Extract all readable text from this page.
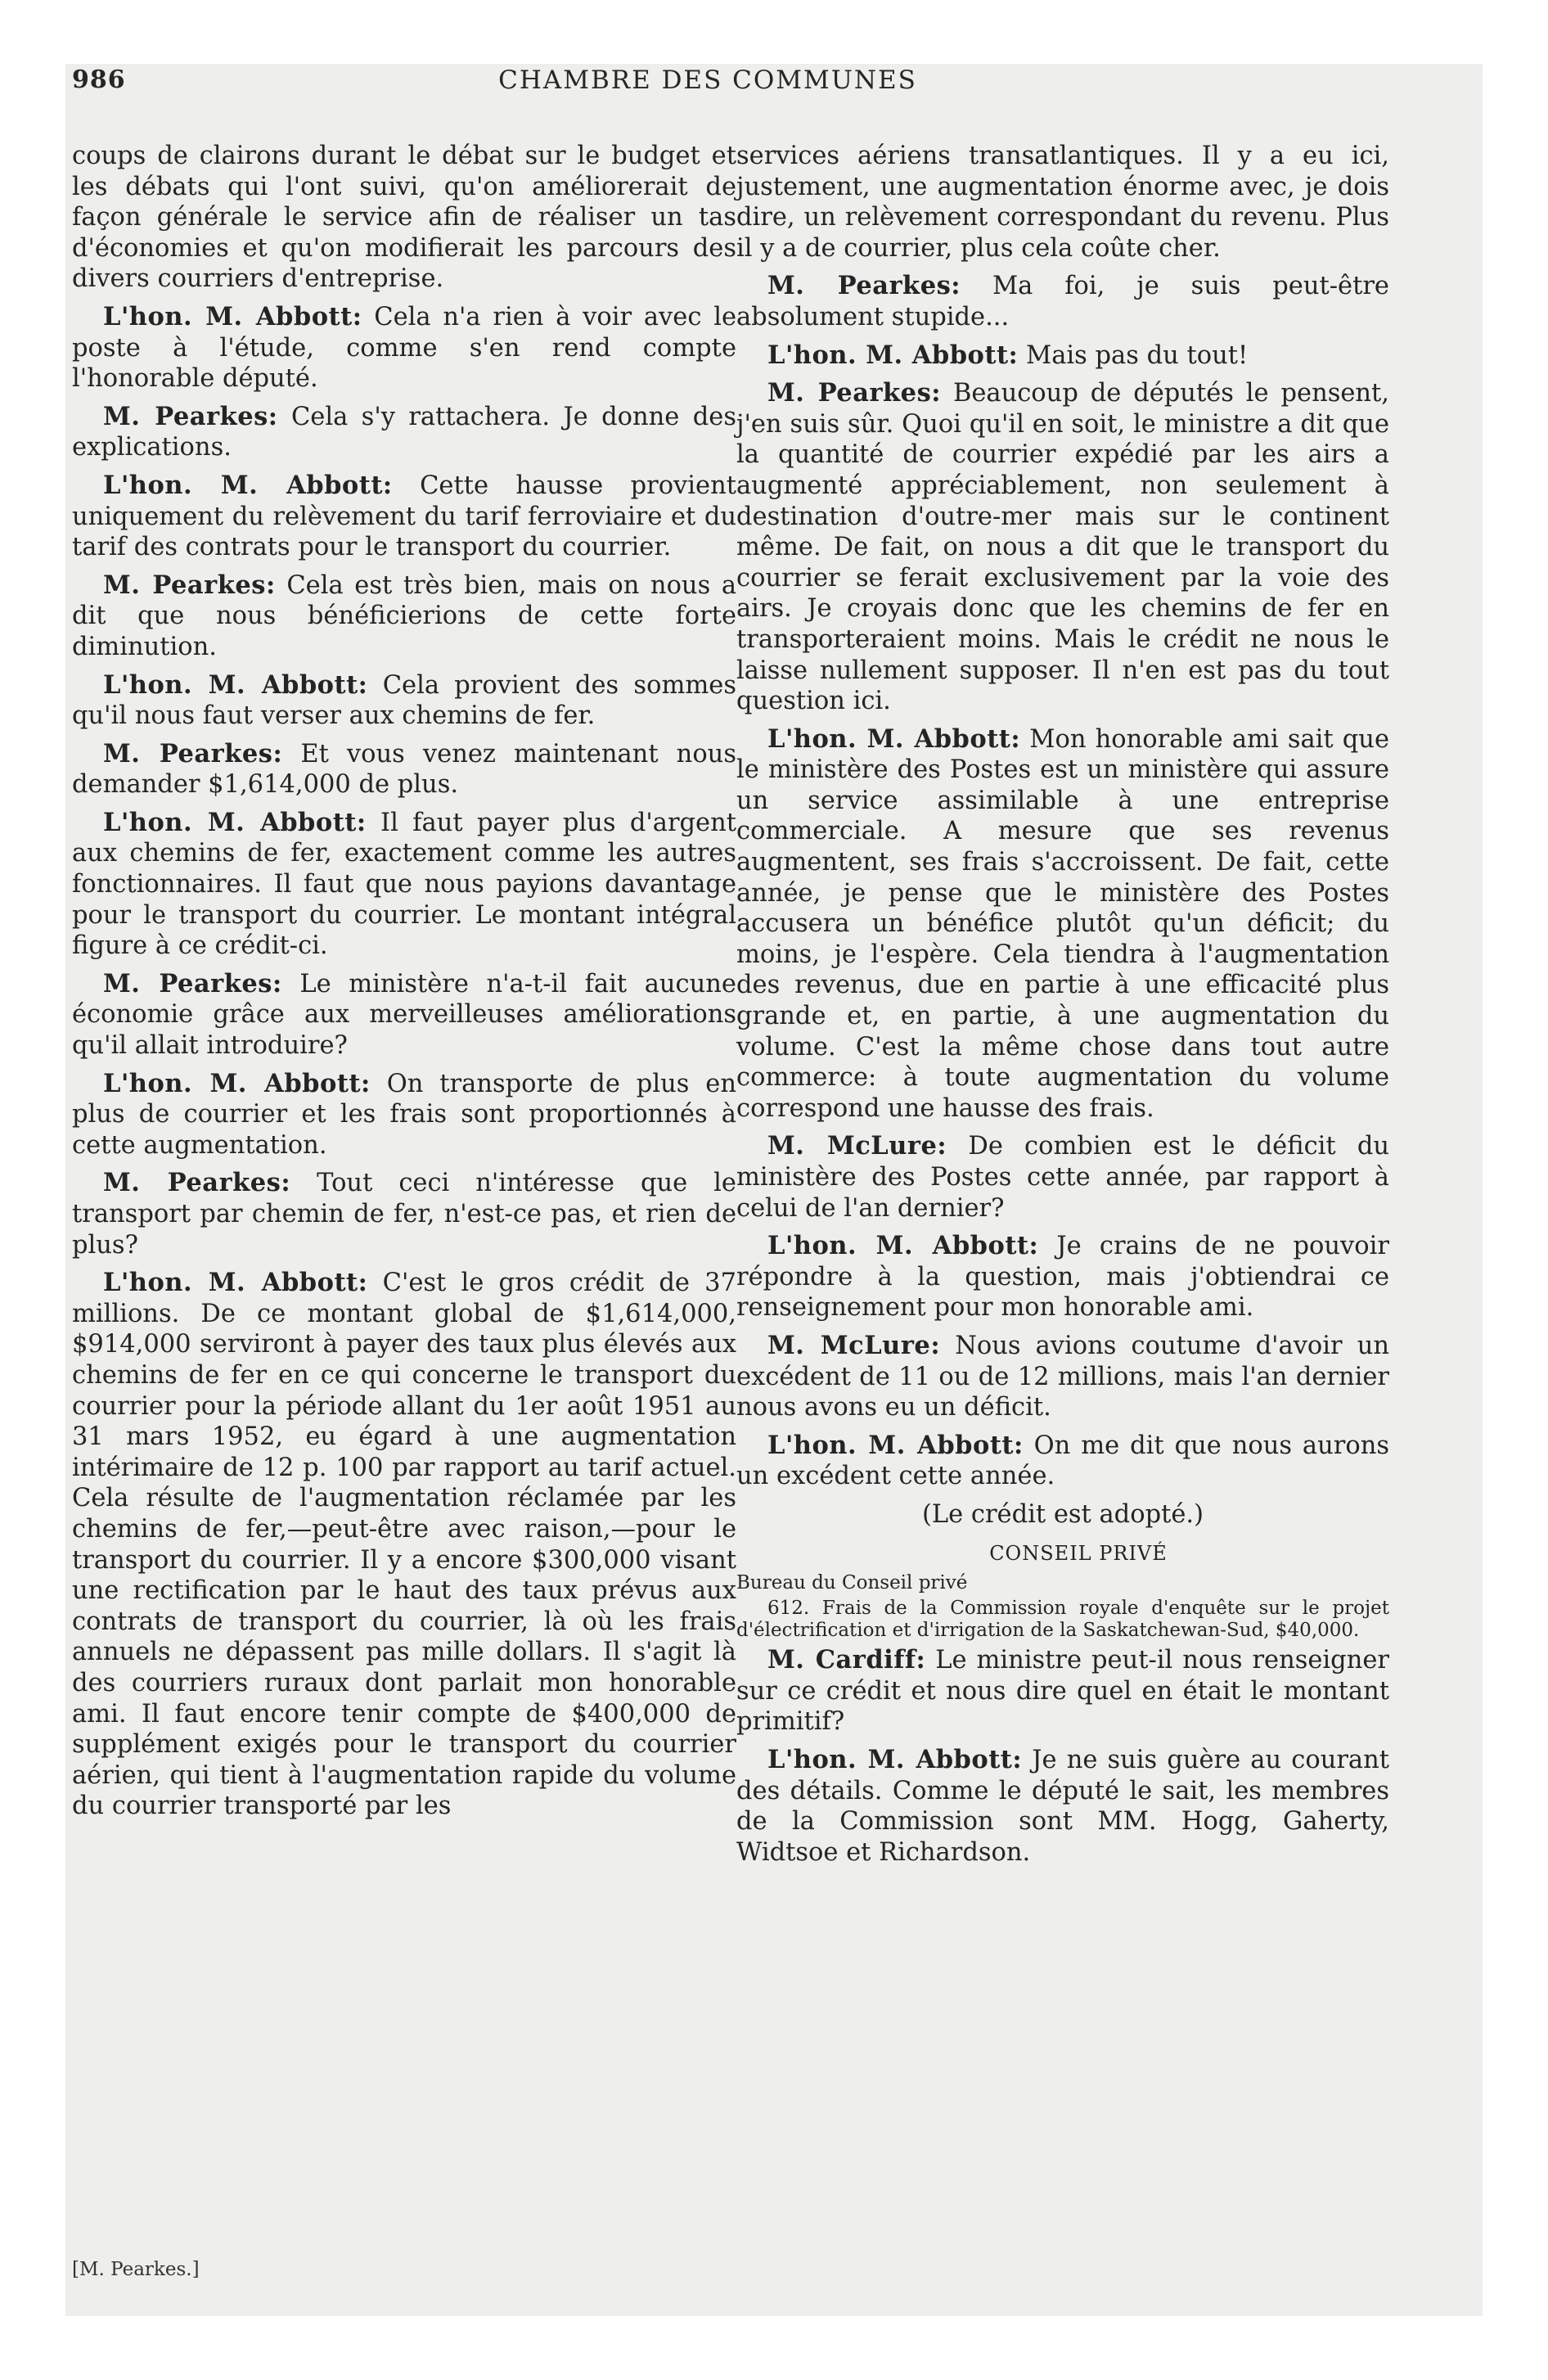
986	CHAMBRE DES COMMUNES

coups de clairons durant le débat sur le budget et les débats qui l'ont suivi, qu'on améliorerait de façon générale le service afin de réaliser un tas d'économies et qu'on modifierait les parcours des divers courriers d'entreprise.

L'hon. M. Abbott: Cela n'a rien à voir avec le poste à l'étude, comme s'en rend compte l'honorable député.

M. Pearkes: Cela s'y rattachera. Je donne des explications.

L'hon. M. Abbott: Cette hausse provient uniquement du relèvement du tarif ferroviaire et du tarif des contrats pour le transport du courrier.

M. Pearkes: Cela est très bien, mais on nous a dit que nous bénéficierions de cette forte diminution.

L'hon. M. Abbott: Cela provient des sommes qu'il nous faut verser aux chemins de fer.

M. Pearkes: Et vous venez maintenant nous demander $1,614,000 de plus.

L'hon. M. Abbott: Il faut payer plus d'argent aux chemins de fer, exactement comme les autres fonctionnaires. Il faut que nous payions davantage pour le transport du courrier. Le montant intégral figure à ce crédit-ci.

M. Pearkes: Le ministère n'a-t-il fait aucune économie grâce aux merveilleuses améliorations qu'il allait introduire?

L'hon. M. Abbott: On transporte de plus en plus de courrier et les frais sont proportionnés à cette augmentation.

M. Pearkes: Tout ceci n'intéresse que le transport par chemin de fer, n'est-ce pas, et rien de plus?

L'hon. M. Abbott: C'est le gros crédit de 37 millions. De ce montant global de $1,614,000, $914,000 serviront à payer des taux plus élevés aux chemins de fer en ce qui concerne le transport du courrier pour la période allant du 1er août 1951 au 31 mars 1952, eu égard à une augmentation intérimaire de 12 p. 100 par rapport au tarif actuel. Cela résulte de l'augmentation réclamée par les chemins de fer,—peut-être avec raison,—pour le transport du courrier. Il y a encore $300,000 visant une rectification par le haut des taux prévus aux contrats de transport du courrier, là où les frais annuels ne dépassent pas mille dollars. Il s'agit là des courriers ruraux dont parlait mon honorable ami. Il faut encore tenir compte de $400,000 de supplément exigés pour le transport du courrier aérien, qui tient à l'augmentation rapide du volume du courrier transporté par les

services aériens transatlantiques. Il y a eu ici, justement, une augmentation énorme avec, je dois dire, un relèvement correspondant du revenu. Plus il y a de courrier, plus cela coûte cher.

M. Pearkes: Ma foi, je suis peut-être absolument stupide...

L'hon. M. Abbott: Mais pas du tout!

M. Pearkes: Beaucoup de députés le pensent, j'en suis sûr. Quoi qu'il en soit, le ministre a dit que la quantité de courrier expédié par les airs a augmenté appréciablement, non seulement à destination d'outre-mer mais sur le continent même. De fait, on nous a dit que le transport du courrier se ferait exclusivement par la voie des airs. Je croyais donc que les chemins de fer en transporteraient moins. Mais le crédit ne nous le laisse nullement supposer. Il n'en est pas du tout question ici.

L'hon. M. Abbott: Mon honorable ami sait que le ministère des Postes est un ministère qui assure un service assimilable à une entreprise commerciale. A mesure que ses revenus augmentent, ses frais s'accroissent. De fait, cette année, je pense que le ministère des Postes accusera un bénéfice plutôt qu'un déficit; du moins, je l'espère. Cela tiendra à l'augmentation des revenus, due en partie à une efficacité plus grande et, en partie, à une augmentation du volume. C'est la même chose dans tout autre commerce: à toute augmentation du volume correspond une hausse des frais.

M. McLure: De combien est le déficit du ministère des Postes cette année, par rapport à celui de l'an dernier?

L'hon. M. Abbott: Je crains de ne pouvoir répondre à la question, mais j'obtiendrai ce renseignement pour mon honorable ami.

M. McLure: Nous avions coutume d'avoir un excédent de 11 ou de 12 millions, mais l'an dernier nous avons eu un déficit.

L'hon. M. Abbott: On me dit que nous aurons un excédent cette année.

(Le crédit est adopté.)

CONSEIL PRIVÉ

Bureau du Conseil privé

612. Frais de la Commission royale d'enquête sur le projet d'électrification et d'irrigation de la Saskatchewan-Sud, $40,000.

M. Cardiff: Le ministre peut-il nous renseigner sur ce crédit et nous dire quel en était le montant primitif?

L'hon. M. Abbott: Je ne suis guère au courant des détails. Comme le député le sait, les membres de la Commission sont MM. Hogg, Gaherty, Widtsoe et Richardson.

[M. Pearkes.]
